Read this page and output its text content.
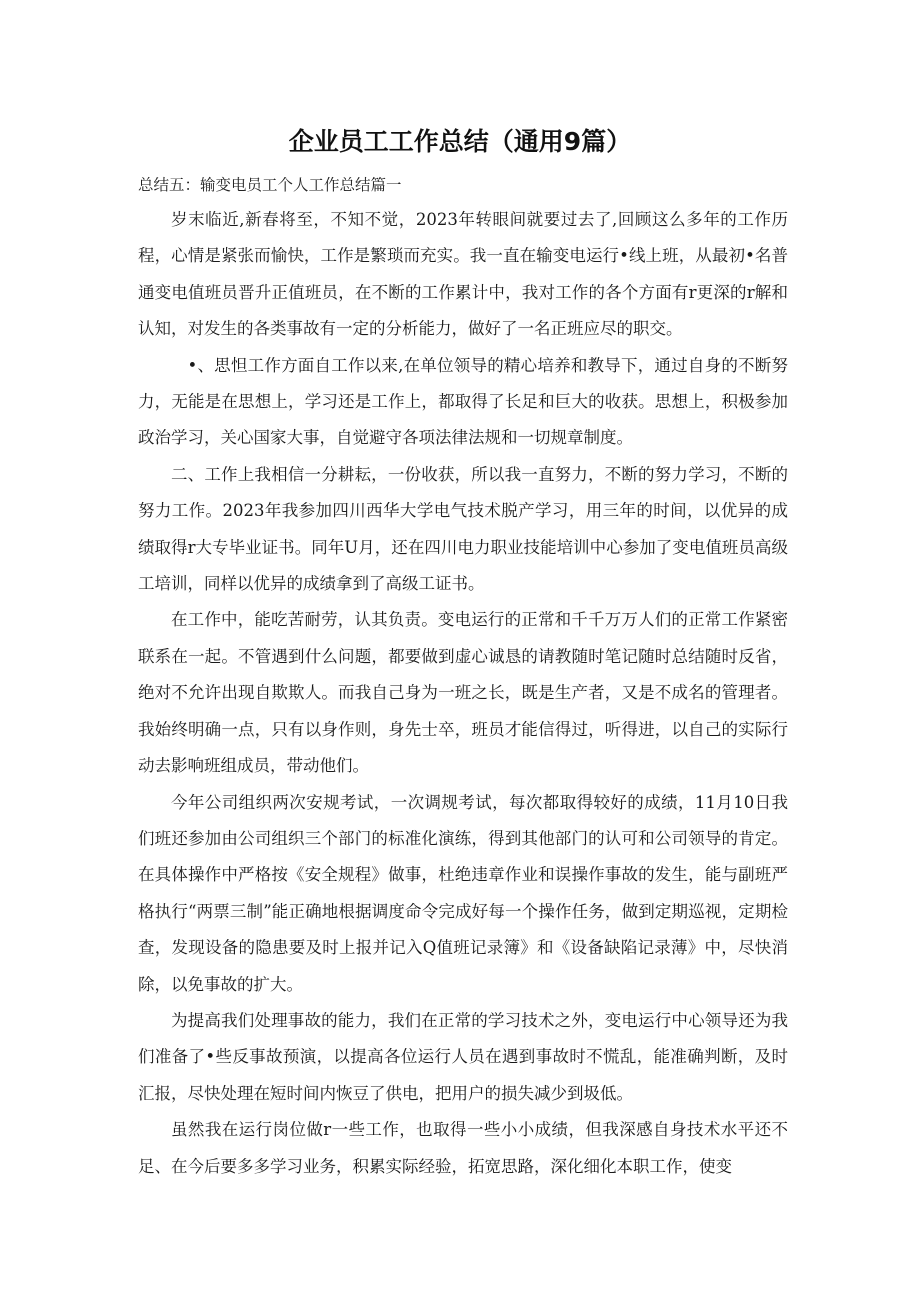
企业员工工作总结（通用9篇）
总结五：输变电员工个人工作总结篇一

岁末临近,新春将至，不知不觉，2023年转眼间就要过去了,回顾这么多年的工作历程，心情是紧张而愉快，工作是繁琐而充实。我一直在输变电运行•线上班，从最初•名普通变电值班员晋升正值班员，在不断的工作累计中，我对工作的各个方面有r更深的r解和认知，对发生的各类事故有一定的分析能力，做好了一名正班应尽的职交。

•、思怛工作方面自工作以来,在单位领导的精心培养和教导下，通过自身的不断努力，无能是在思想上，学习还是工作上，都取得了长足和巨大的收获。思想上，积极参加政治学习，关心国家大事，自觉避守各项法律法规和一切规章制度。

二、工作上我相信一分耕耘，一份收获，所以我一直努力，不断的努力学习，不断的努力工作。2023年我参加四川西华大学电气技术脱产学习，用三年的时间，以优异的成绩取得r大专毕业证书。同年U月，还在四川电力职业技能培训中心参加了变电值班员高级工培训，同样以优异的成绩拿到了高级工证书。

在工作中，能吃苦耐劳，认其负责。变电运行的正常和千千万万人们的正常工作紧密联系在一起。不管遇到什么问题，都要做到虚心诚恳的请教随时笔记随时总结随时反省，绝对不允许出现自欺欺人。而我自己身为一班之长，既是生产者，又是不成名的管理者。我始终明确一点，只有以身作则，身先士卒，班员才能信得过，听得进，以自己的实际行动去影响班组成员，带动他们。

今年公司组织两次安规考试，一次调规考试，每次都取得较好的成绩，11月10日我们班还参加由公司组织三个部门的标准化演练，得到其他部门的认可和公司领导的肯定。在具体操作中严格按《安全规程》做事，杜绝违章作业和误操作事故的发生，能与副班严格执行“两票三制”能正确地根据调度命令完成好每一个操作任务，做到定期巡视，定期检查，发现设备的隐患要及时上报并记入Q值班记录簿》和《设备缺陷记录薄》中，尽快消除，以免事故的扩大。

为提高我们处理事故的能力，我们在正常的学习技术之外，变电运行中心领导还为我们准备了•些反事故预演，以提高各位运行人员在遇到事故时不慌乱，能准确判断，及时汇报，尽快处理在短时间内恢豆了供电，把用户的损失减少到圾低。

虽然我在运行岗位做r一些工作，也取得一些小小成绩，但我深感自身技术水平还不足、在今后要多多学习业务，积累实际经验，拓宽思路，深化细化本职工作，使变
